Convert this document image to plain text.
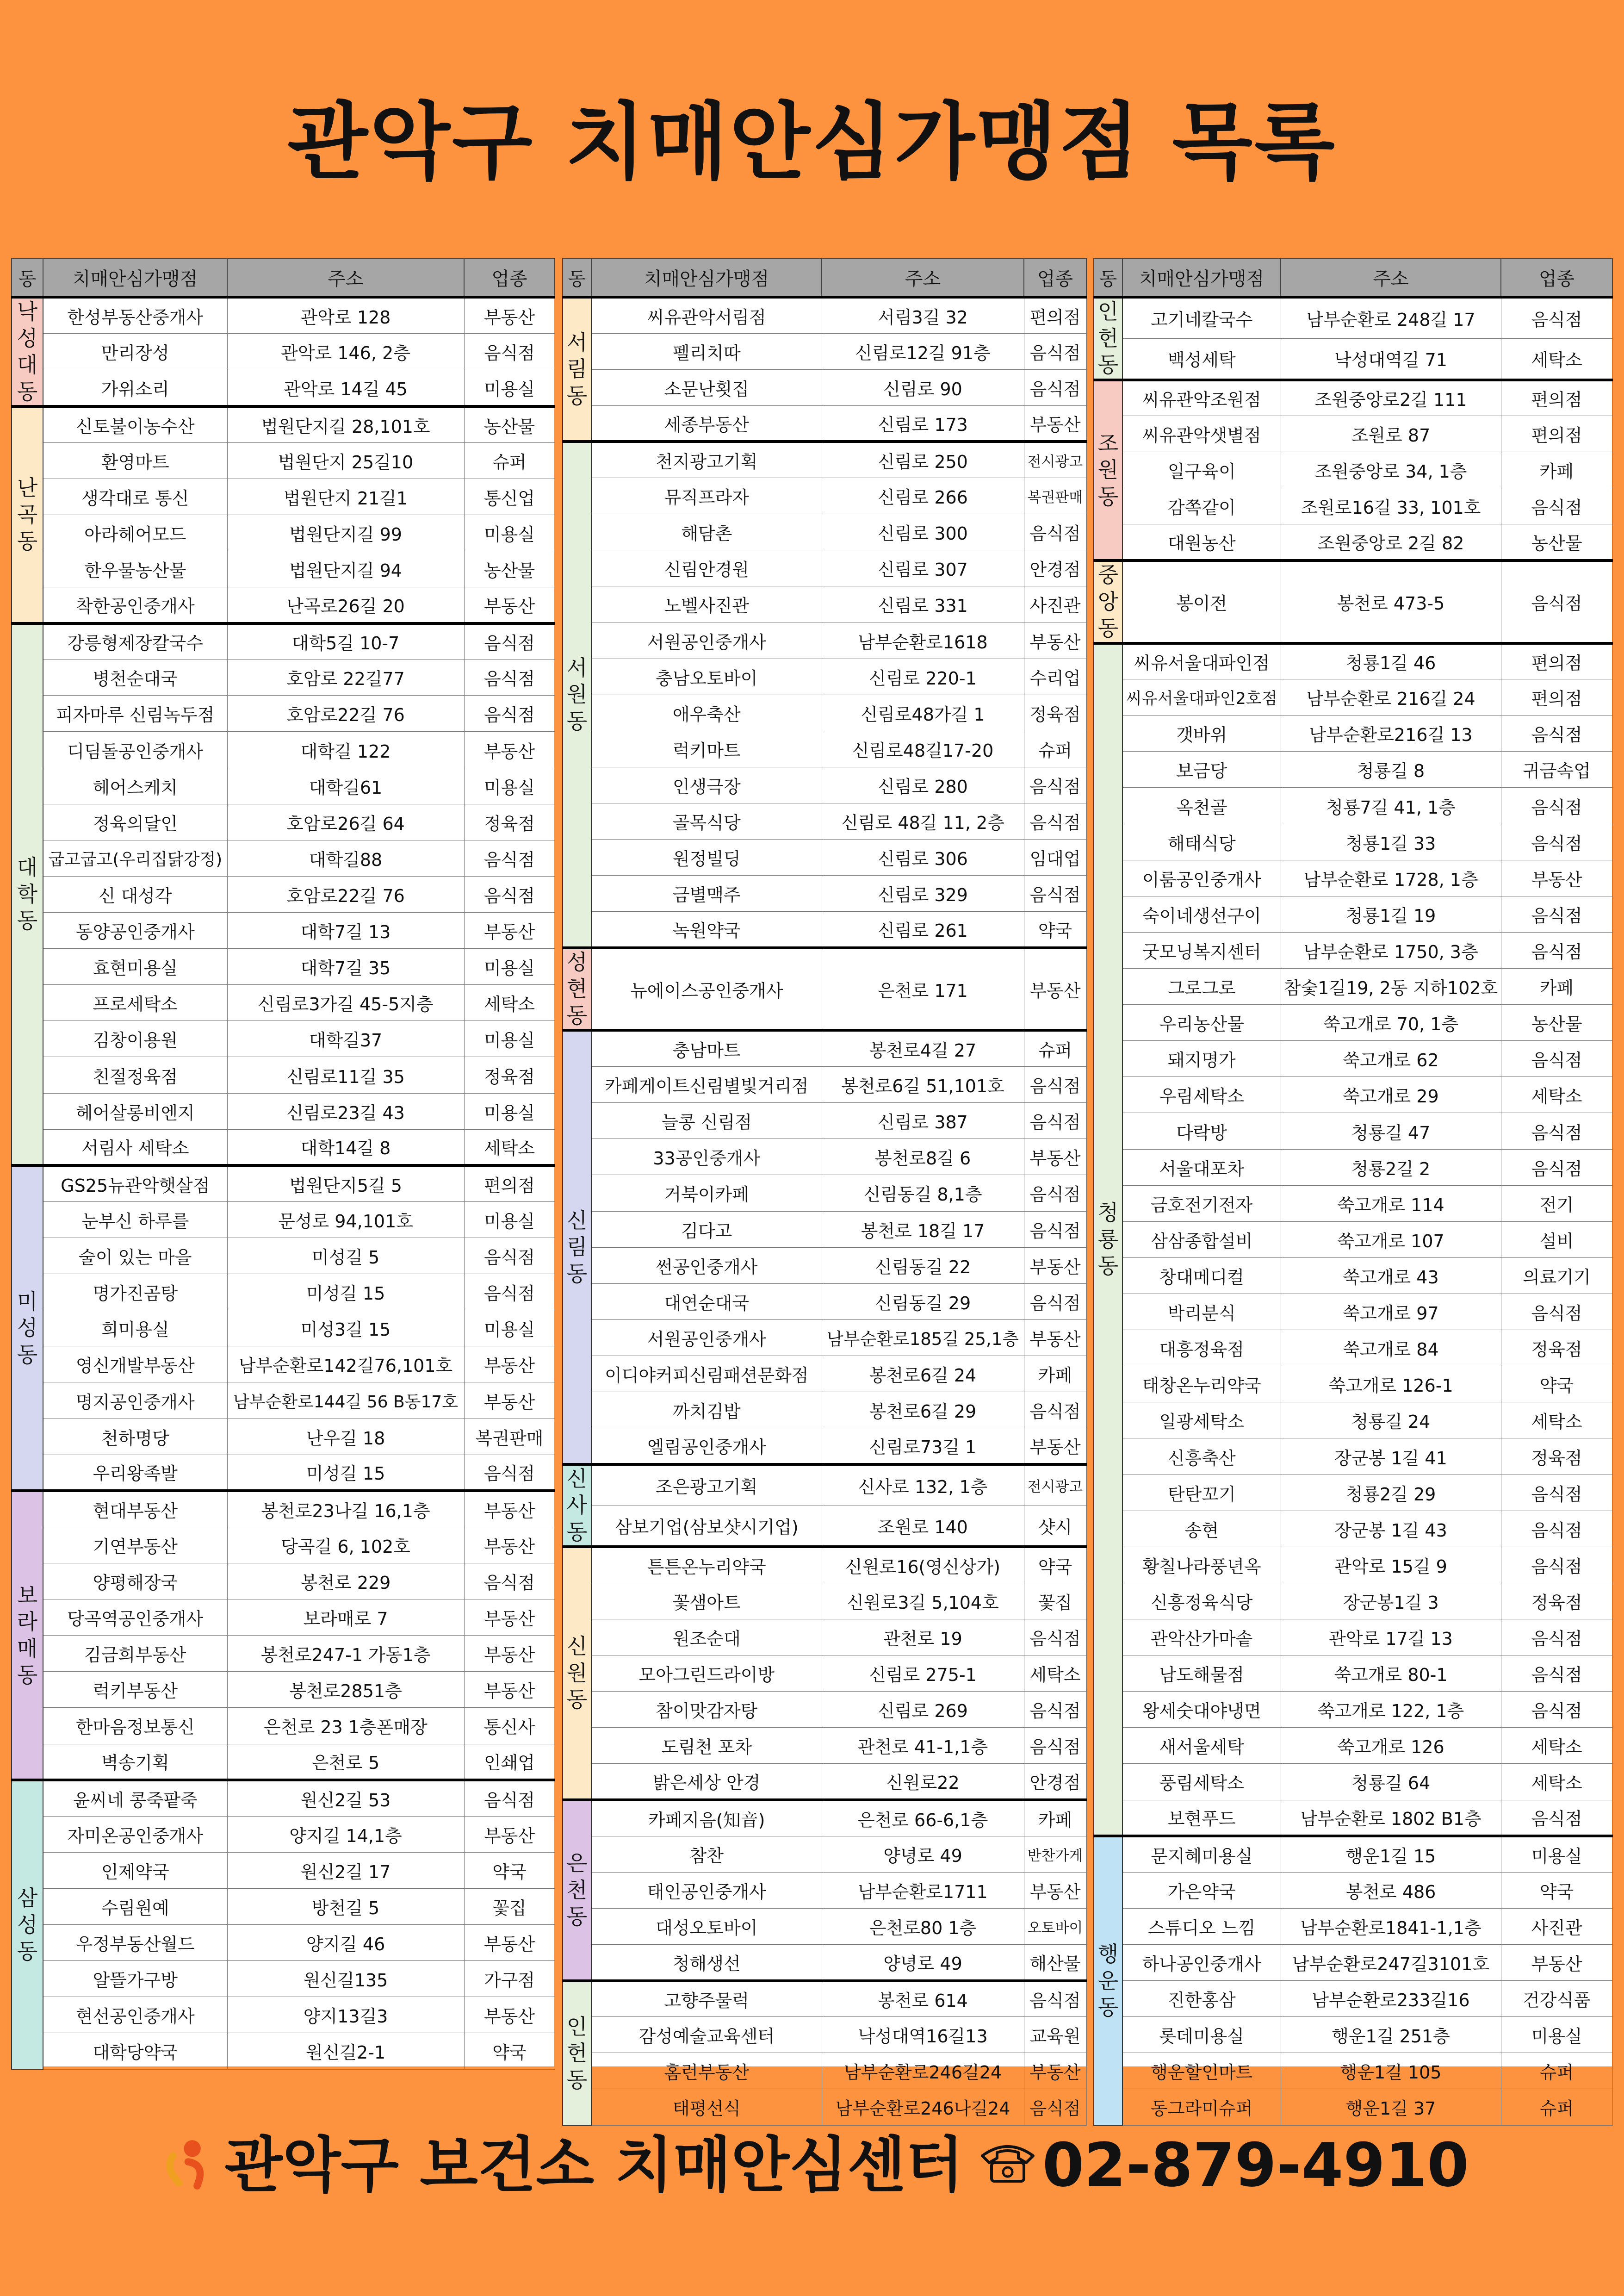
관악구 치매안심가맹점 목록
동	치매안심가맹점	주소	업종
낙
성
대
동	한성부동산중개사	관악로 128	부동산
	만리장성	관악로 146, 2층	음식점
	가위소리	관악로 14길 45	미용실
난
곡
동	신토불이농수산	법원단지길 28,101호	농산물
	환영마트	법원단지 25길10	슈퍼
	생각대로 통신	법원단지 21길1	통신업
	아라헤어모드	법원단지길 99	미용실
	한우물농산물	법원단지길 94	농산물
	착한공인중개사	난곡로26길 20	부동산
대
학
동	강릉형제장칼국수	대학5길 10-7	음식점
	병천순대국	호암로 22길77	음식점
	피자마루 신림녹두점	호암로22길 76	음식점
	디딤돌공인중개사	대학길 122	부동산
	헤어스케치	대학길61	미용실
	정육의달인	호암로26길 64	정육점
	굽고굽고(우리집닭강정)	대학길88	음식점
	신 대성각	호암로22길 76	음식점
	동양공인중개사	대학7길 13	부동산
	효현미용실	대학7길 35	미용실
	프로세탁소	신림로3가길 45-5지층	세탁소
	김창이용원	대학길37	미용실
	친절정육점	신림로11길 35	정육점
	헤어살롱비엔지	신림로23길 43	미용실
	서림사 세탁소	대학14길 8	세탁소
미
성
동	GS25뉴관악햇살점	법원단지5길 5	편의점
	눈부신 하루를	문성로 94,101호	미용실
	술이 있는 마을	미성길 5	음식점
	명가진곰탕	미성길 15	음식점
	희미용실	미성3길 15	미용실
	영신개발부동산	남부순환로142길76,101호	부동산
	명지공인중개사	남부순환로144길 56 B동17호	부동산
	천하명당	난우길 18	복권판매
	우리왕족발	미성길 15	음식점
보
라
매
동	현대부동산	봉천로23나길 16,1층	부동산
	기연부동산	당곡길 6, 102호	부동산
	양평해장국	봉천로 229	음식점
	당곡역공인중개사	보라매로 7	부동산
	김금희부동산	봉천로247-1 가동1층	부동산
	럭키부동산	봉천로2851층	부동산
	한마음정보통신	은천로 23 1층폰매장	통신사
	벽송기획	은천로 5	인쇄업
삼
성
동	윤씨네 콩죽팥죽	원신2길 53	음식점
	자미온공인중개사	양지길 14,1층	부동산
	인제약국	원신2길 17	약국
	수림원예	방천길 5	꽃집
	우정부동산월드	양지길 46	부동산
	알뜰가구방	원신길135	가구점
	현선공인중개사	양지13길3	부동산
	대학당약국	원신길2-1	약국
동	치매안심가맹점	주소	업종
서
림
동	씨유관악서림점	서림3길 32	편의점
	펠리치따	신림로12길 91층	음식점
	소문난횟집	신림로 90	음식점
	세종부동산	신림로 173	부동산
서
원
동	천지광고기획	신림로 250	전시광고
	뮤직프라자	신림로 266	복권판매
	해담촌	신림로 300	음식점
	신림안경원	신림로 307	안경점
	노벨사진관	신림로 331	사진관
	서원공인중개사	남부순환로1618	부동산
	충남오토바이	신림로 220-1	수리업
	애우축산	신림로48가길 1	정육점
	럭키마트	신림로48길17-20	슈퍼
	인생극장	신림로 280	음식점
	골목식당	신림로 48길 11, 2층	음식점
	원정빌딩	신림로 306	임대업
	금별맥주	신림로 329	음식점
	녹원약국	신림로 261	약국
성
현
동	뉴에이스공인중개사	은천로 171	부동산
신
림
동	충남마트	봉천로4길 27	슈퍼
	카페게이트신림별빛거리점	봉천로6길 51,101호	음식점
	늘콩 신림점	신림로 387	음식점
	33공인중개사	봉천로8길 6	부동산
	거북이카페	신림동길 8,1층	음식점
	김다고	봉천로 18길 17	음식점
	썬공인중개사	신림동길 22	부동산
	대연순대국	신림동길 29	음식점
	서원공인중개사	남부순환로185길 25,1층	부동산
	이디야커피신림패션문화점	봉천로6길 24	카페
	까치김밥	봉천로6길 29	음식점
	엘림공인중개사	신림로73길 1	부동산
신
사
동	조은광고기획	신사로 132, 1층	전시광고
	삼보기업(삼보샷시기업)	조원로 140	샷시
신
원
동	튼튼온누리약국	신원로16(영신상가)	약국
	꽃샘아트	신원로3길 5,104호	꽃집
	원조순대	관천로 19	음식점
	모아그린드라이방	신림로 275-1	세탁소
	참이맛감자탕	신림로 269	음식점
	도림천 포차	관천로 41-1,1층	음식점
	밝은세상 안경	신원로22	안경점
은
천
동	카페지음(知音)	은천로 66-6,1층	카페
	참찬	양녕로 49	반찬가게
	태인공인중개사	남부순환로1711	부동산
	대성오토바이	은천로80 1층	오토바이
	청해생선	양녕로 49	해산물
인
헌
동	고향주물럭	봉천로 614	음식점
	감성예술교육센터	낙성대역16길13	교육원
	홈런부동산	남부순환로246길24	부동산
	태평선식	남부순환로246나길24	음식점
동	치매안심가맹점	주소	업종
인
헌
동	고기네칼국수	남부순환로 248길 17	음식점
	백성세탁	낙성대역길 71	세탁소
조
원
동	씨유관악조원점	조원중앙로2길 111	편의점
	씨유관악샛별점	조원로 87	편의점
	일구육이	조원중앙로 34, 1층	카페
	감쪽같이	조원로16길 33, 101호	음식점
	대원농산	조원중앙로 2길 82	농산물
중
앙
동	봉이전	봉천로 473-5	음식점
청
룡
동	씨유서울대파인점	청룡1길 46	편의점
	씨유서울대파인2호점	남부순환로 216길 24	편의점
	갯바위	남부순환로216길 13	음식점
	보금당	청룡길 8	귀금속업
	옥천골	청룡7길 41, 1층	음식점
	해태식당	청룡1길 33	음식점
	이룸공인중개사	남부순환로 1728, 1층	부동산
	숙이네생선구이	청룡1길 19	음식점
	굿모닝복지센터	남부순환로 1750, 3층	음식점
	그로그로	참숯1길19, 2동 지하102호	카페
	우리농산물	쑥고개로 70, 1층	농산물
	돼지명가	쑥고개로 62	음식점
	우림세탁소	쑥고개로 29	세탁소
	다락방	청룡길 47	음식점
	서울대포차	청룡2길 2	음식점
	금호전기전자	쑥고개로 114	전기
	삼삼종합설비	쑥고개로 107	설비
	창대메디컬	쑥고개로 43	의료기기
	박리분식	쑥고개로 97	음식점
	대흥정육점	쑥고개로 84	정육점
	태창온누리약국	쑥고개로 126-1	약국
	일광세탁소	청룡길 24	세탁소
	신흥축산	장군봉 1길 41	정육점
	탄탄꼬기	청룡2길 29	음식점
	송현	장군봉 1길 43	음식점
	황칠나라풍년옥	관악로 15길 9	음식점
	신흥정육식당	장군봉1길 3	정육점
	관악산가마솥	관악로 17길 13	음식점
	남도해물점	쑥고개로 80-1	음식점
	왕세숫대야냉면	쑥고개로 122, 1층	음식점
	새서울세탁	쑥고개로 126	세탁소
	풍림세탁소	청룡길 64	세탁소
	보현푸드	남부순환로 1802 B1층	음식점
행
운
동	문지혜미용실	행운1길 15	미용실
	가은약국	봉천로 486	약국
	스튜디오 느낌	남부순환로1841-1,1층	사진관
	하나공인중개사	남부순환로247길3101호	부동산
	진한홍삼	남부순환로233길16	건강식품
	롯데미용실	행운1길 251층	미용실
	행운할인마트	행운1길 105	슈퍼
	동그라미슈퍼	행운1길 37	슈퍼
관악구 보건소 치매안심센터 02-879-4910
